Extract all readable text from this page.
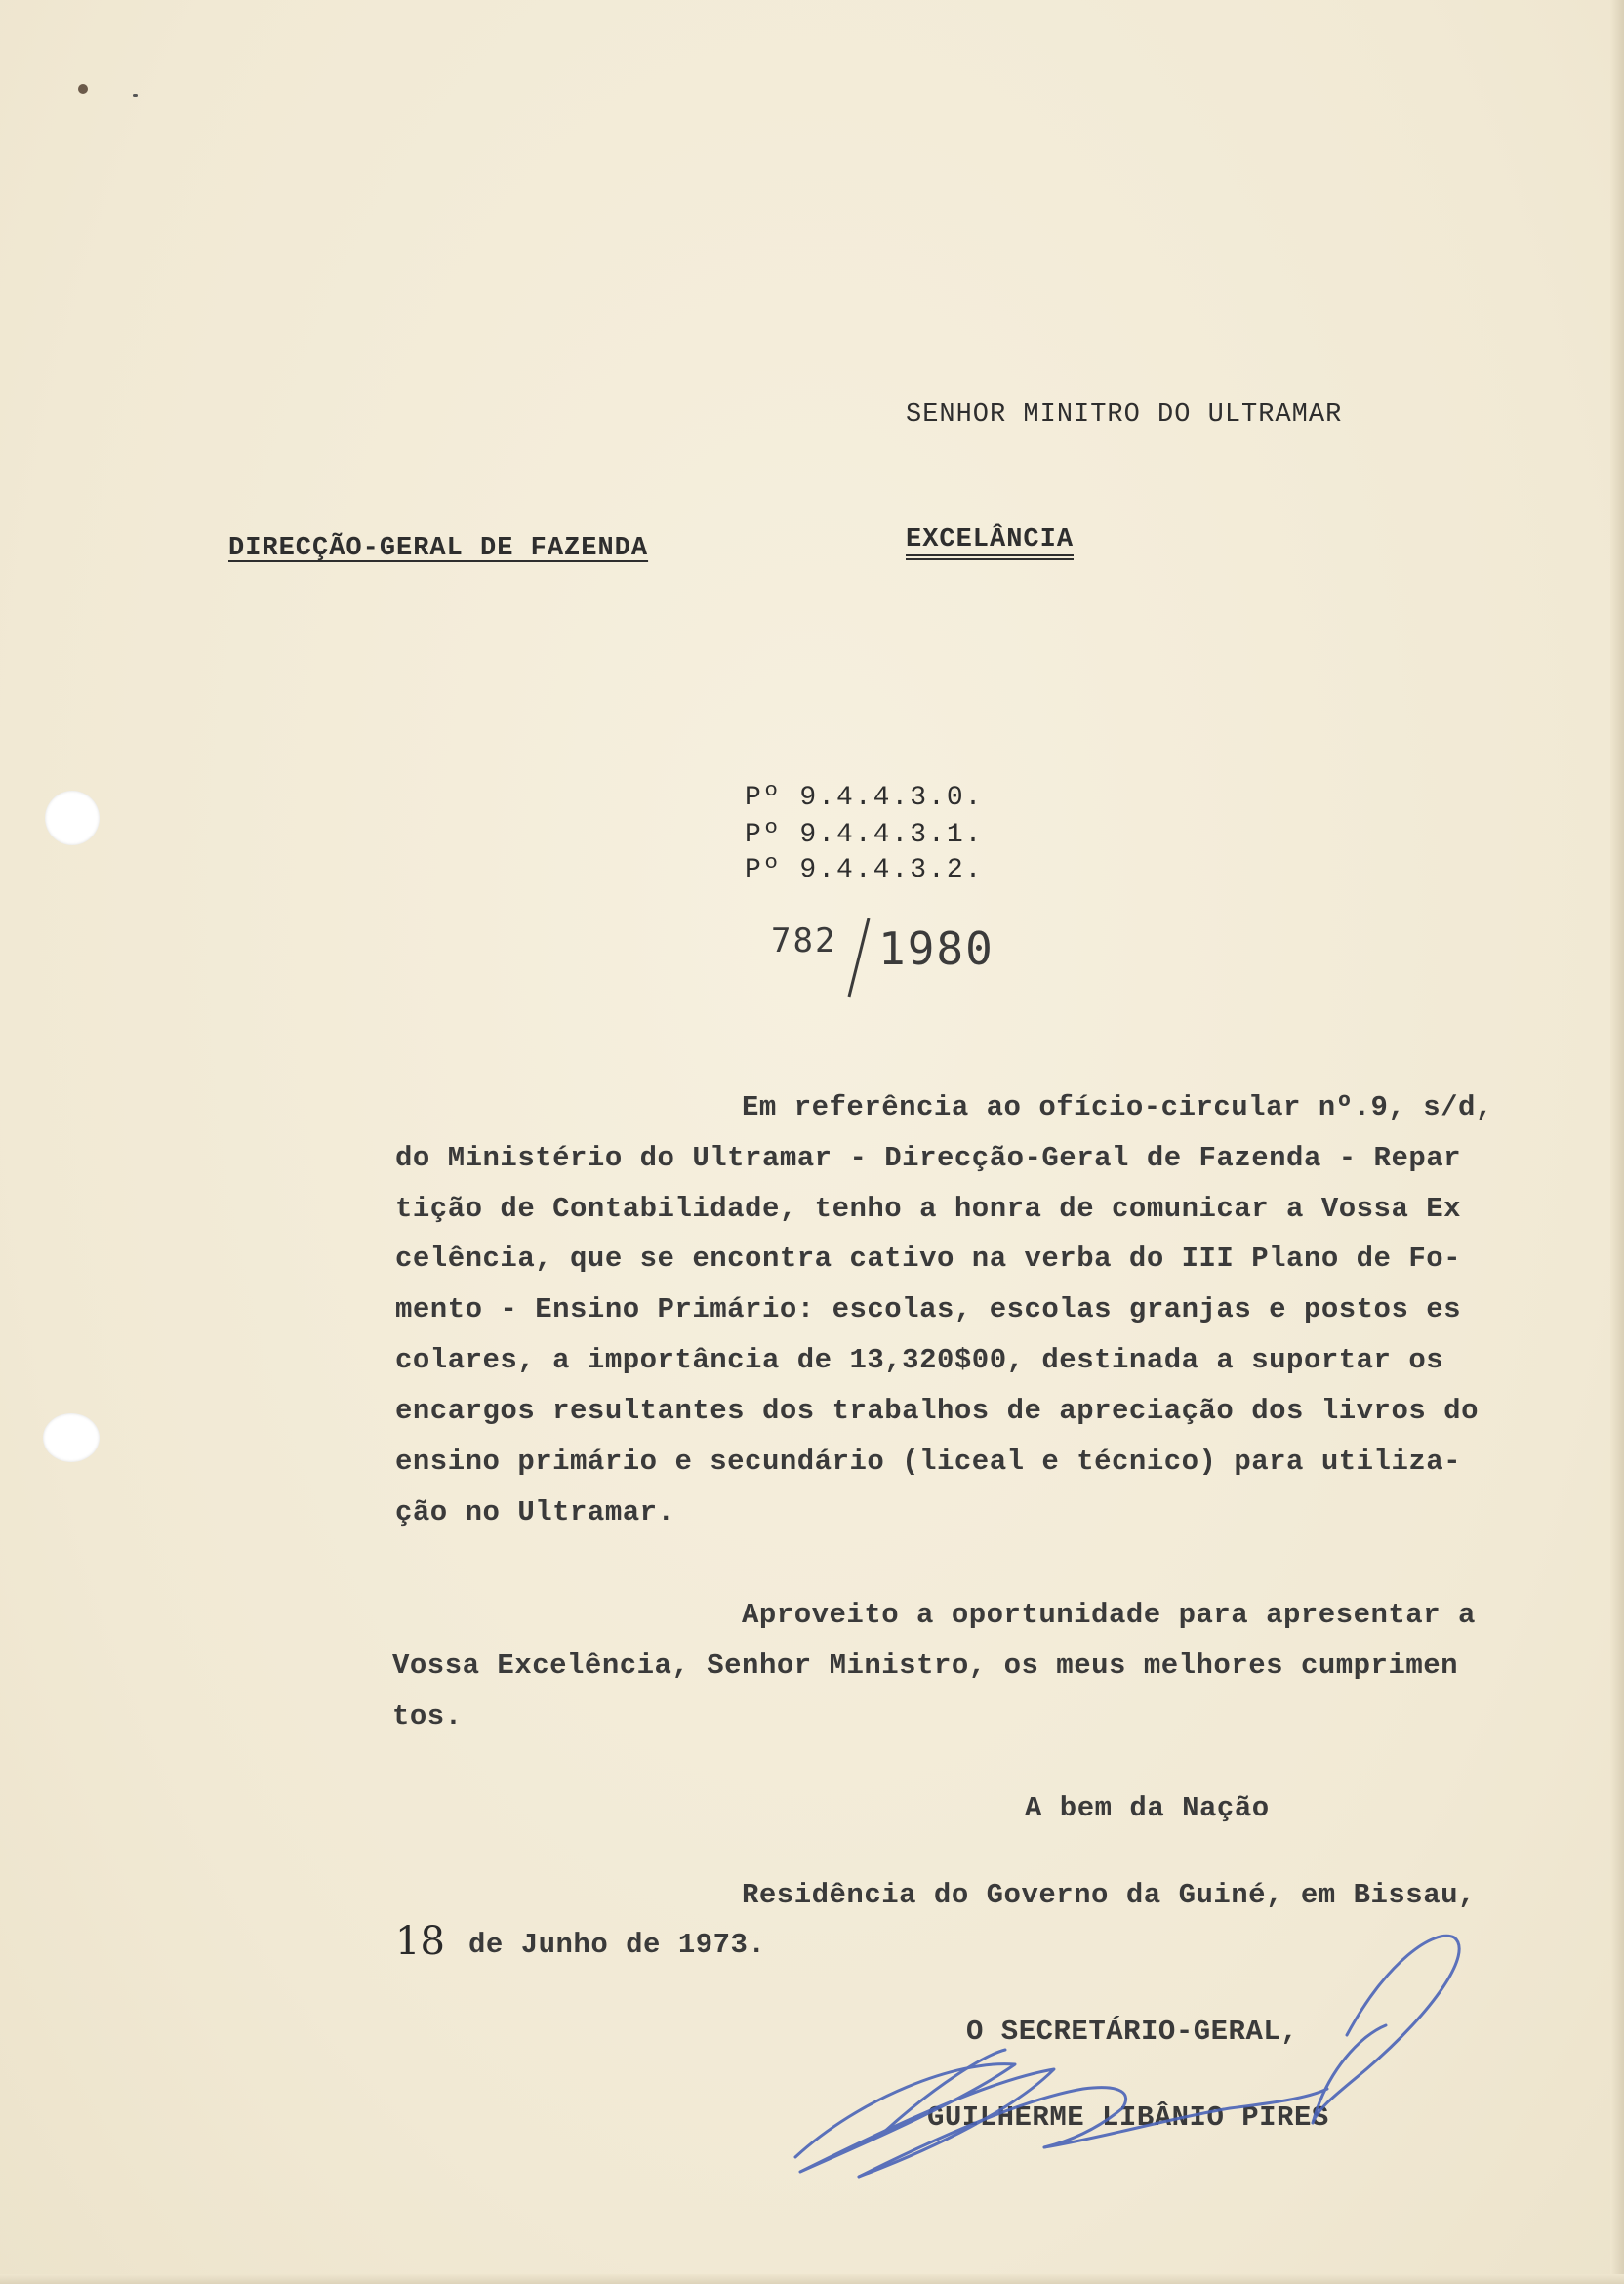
SENHOR MINITRO DO ULTRAMAR
DIRECÇÃO-GERAL DE FAZENDA	EXCELÂNCIA
Pº 9.4.4.3.0.
Pº 9.4.4.3.1.
Pº 9.4.4.3.2.
782 1980
Em referência ao ofício-circular nº.9, s/d,
do Ministério do Ultramar - Direcção-Geral de Fazenda - Repar
tição de Contabilidade, tenho a honra de comunicar a Vossa Ex
celência, que se encontra cativo na verba do III Plano de Fo-
mento - Ensino Primário: escolas, escolas granjas e postos es
colares, a importância de 13,320$00, destinada a suportar os
encargos resultantes dos trabalhos de apreciação dos livros do
ensino primário e secundário (liceal e técnico) para utiliza-
ção no Ultramar.
Aproveito a oportunidade para apresentar a
Vossa Excelência, Senhor Ministro, os meus melhores cumprimen
tos.
A bem da Nação
Residência do Governo da Guiné, em Bissau,
18 de Junho de 1973.
O SECRETÁRIO-GERAL,
GUILHERME LIBÂNIO PIRES
